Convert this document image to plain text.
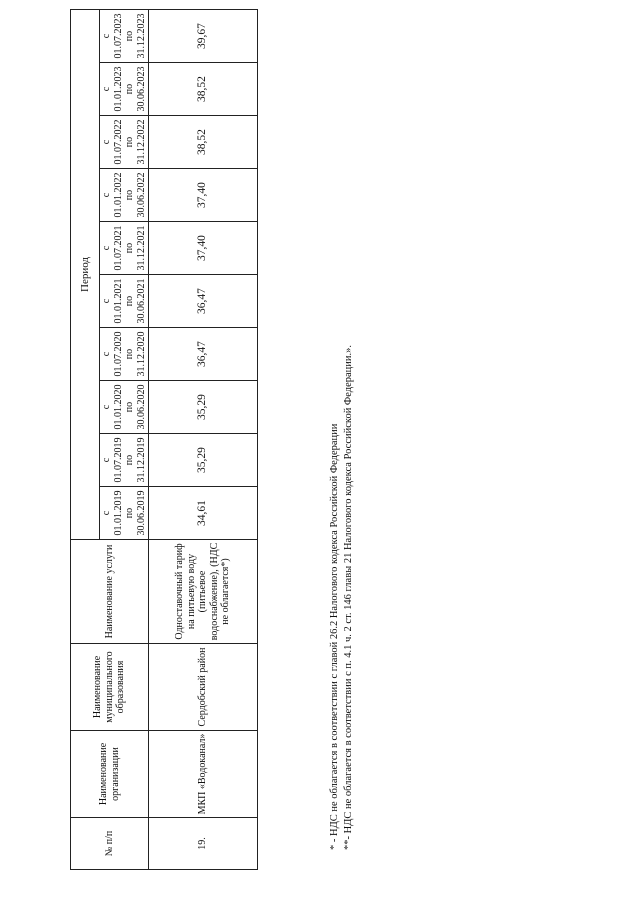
№ п/п	Наименование организации	Наименование муниципального образования	Наименование услуги	Период									

				с 01.01.2019 по 30.06.2019	с 01.07.2019 по 31.12.2019	с 01.01.2020 по 30.06.2020	с 01.07.2020 по 31.12.2020	с 01.01.2021 по 30.06.2021	с 01.07.2021 по 31.12.2021	с 01.01.2022 по 30.06.2022	с 01.07.2022 по 31.12.2022	с 01.01.2023 по 30.06.2023	с 01.07.2023 по 31.12.2023

19.	МКП «Водоканал»	Сердобский район	Одноставочный тариф на питьевую воду (питьевое водоснабжение), (НДС не облагается*)	34,61	35,29	35,29	36,47	36,47	37,40	37,40	38,52	38,52	39,67
* - НДС не облагается в соответствии с главой 26.2 Налогового кодекса Российской Федерации **- НДС не облагается в соответствии с п. 4.1 ч. 2 ст. 146 главы 21 Налогового кодекса Российской Федерации.».
